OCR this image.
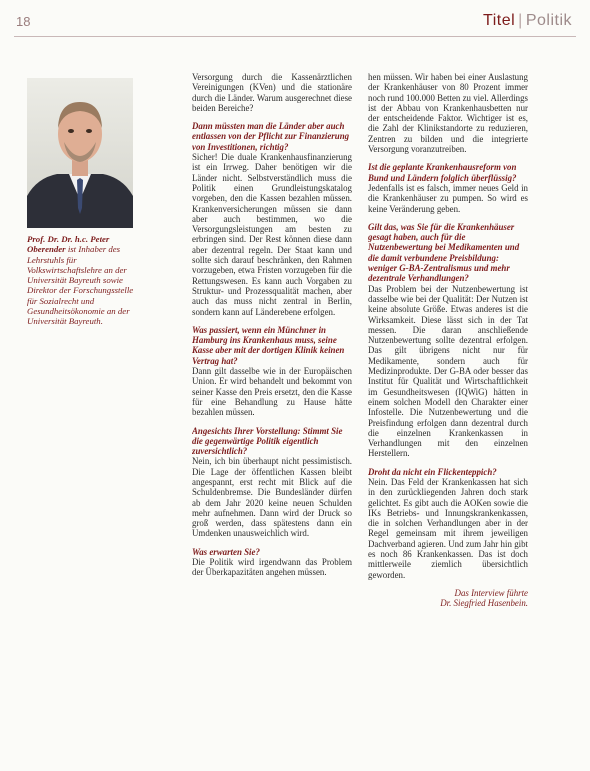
18	Titel | Politik
Prof. Dr. Dr. h.c. Peter Oberender ist Inhaber des Lehrstuhls für Volkswirtschaftslehre an der Universität Bayreuth sowie Direktor der Forschungsstelle für Sozialrecht und Gesundheitsökonomie an der Universität Bayreuth.

Versorgung durch die Kassenärztlichen Vereinigungen (KVen) und die stationäre durch die Länder. Warum ausgerechnet diese beiden Bereiche?

Dann müssten man die Länder aber auch entlassen von der Pflicht zur Finanzierung von Investitionen, richtig?

Sicher! Die duale Krankenhausfinanzierung ist ein Irrweg. Daher benötigen wir die Länder nicht. Selbstverständlich muss die Politik einen Grundleistungskatalog vorgeben, den die Kassen bezahlen müssen. Krankenversicherungen müssen sie dann aber auch bestimmen, wo die Versorgungsleistungen am besten zu erbringen sind. Der Rest können diese dann aber dezentral regeln. Der Staat kann und sollte sich darauf beschränken, den Rahmen vorzugeben, etwa Fristen vorzugeben für die Rettungswesen. Es kann auch Vorgaben zu Struktur- und Prozessqualität machen, aber auch das muss nicht zentral in Berlin, sondern kann auf Länderebene erfolgen.

Was passiert, wenn ein Münchner in Hamburg ins Krankenhaus muss, seine Kasse aber mit der dortigen Klinik keinen Vertrag hat?

Dann gilt dasselbe wie in der Europäischen Union. Er wird behandelt und bekommt von seiner Kasse den Preis ersetzt, den die Kasse für eine Behandlung zu Hause hätte bezahlen müssen.

Angesichts Ihrer Vorstellung: Stimmt Sie die gegenwärtige Politik eigentlich zuversichtlich?

Nein, ich bin überhaupt nicht pessimistisch. Die Lage der öffentlichen Kassen bleibt angespannt, erst recht mit Blick auf die Schuldenbremse. Die Bundesländer dürfen ab dem Jahr 2020 keine neuen Schulden mehr aufnehmen. Dann wird der Druck so groß werden, dass spätestens dann ein Umdenken unausweichlich wird.

Was erwarten Sie?

Die Politik wird irgendwann das Problem der Überkapazitäten angehen müssen.

hen müssen. Wir haben bei einer Auslastung der Krankenhäuser von 80 Prozent immer noch rund 100.000 Betten zu viel. Allerdings ist der Abbau von Krankenhausbetten nur der entscheidende Faktor. Wichtiger ist es, die Zahl der Klinikstandorte zu reduzieren, Zentren zu bilden und die integrierte Versorgung voranzutreiben.

Ist die geplante Krankenhausreform von Bund und Ländern folglich überflüssig?

Jedenfalls ist es falsch, immer neues Geld in die Krankenhäuser zu pumpen. So wird es keine Veränderung geben.

Gilt das, was Sie für die Krankenhäuser gesagt haben, auch für die Nutzenbewertung bei Medikamenten und die damit verbundene Preisbildung: weniger G-BA-Zentralismus und mehr dezentrale Verhandlungen?

Das Problem bei der Nutzenbewertung ist dasselbe wie bei der Qualität: Der Nutzen ist keine absolute Größe. Etwas anderes ist die Wirksamkeit. Diese lässt sich in der Tat messen. Die daran anschließende Nutzenbewertung sollte dezentral erfolgen. Das gilt übrigens nicht nur für Medikamente, sondern auch für Medizinprodukte. Der G-BA oder besser das Institut für Qualität und Wirtschaftlichkeit im Gesundheitswesen (IQWiG) hätten in einem solchen Modell den Charakter einer Infostelle. Die Nutzenbewertung und die Preisfindung erfolgen dann dezentral durch die einzelnen Krankenkassen in Verhandlungen mit den einzelnen Herstellern.

Droht da nicht ein Flickenteppich?

Nein. Das Feld der Krankenkassen hat sich in den zurückliegenden Jahren doch stark gelichtet. Es gibt auch die AOKen sowie die IKs Betriebs- und Innungskrankenkassen, die in solchen Verhandlungen aber in der Regel gemeinsam mit ihrem jeweiligen Dachverband agieren. Und zum Jahr hin gibt es noch 86 Krankenkassen. Das ist doch mittlerweile ziemlich übersichtlich geworden.

Das Interview führte
Dr. Siegfried Hasenbein.
